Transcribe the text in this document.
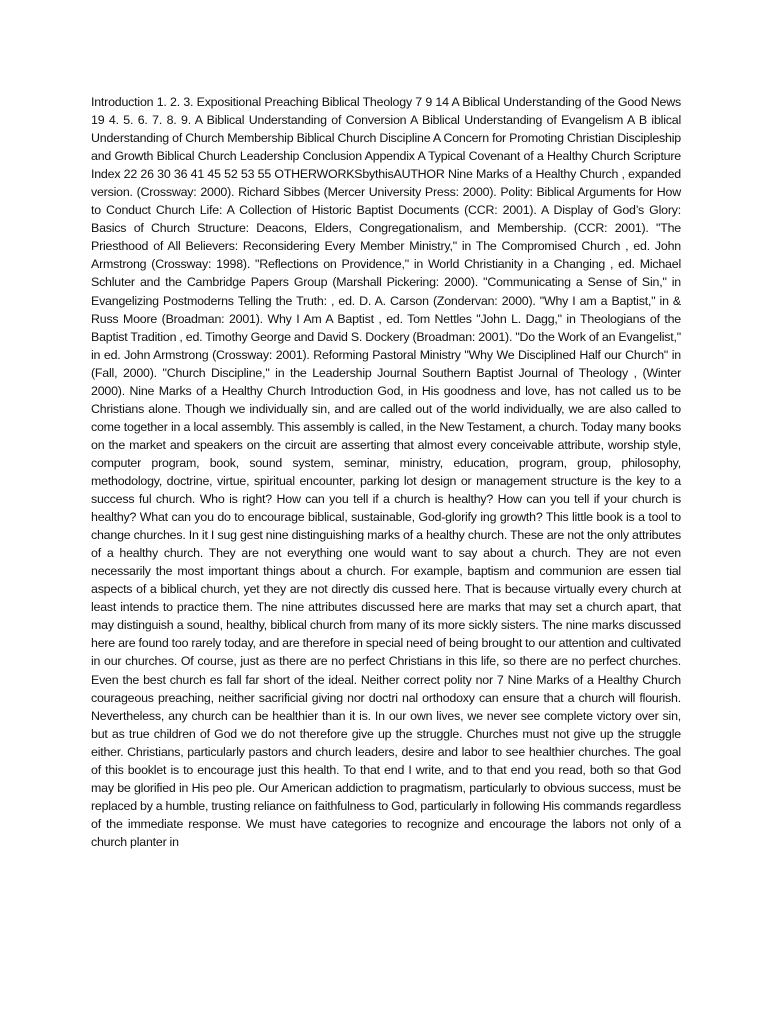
Introduction 1. 2. 3. Expositional Preaching Biblical Theology 7 9 14 A Biblical Understanding of the Good News 19 4. 5. 6. 7. 8. 9. A Biblical Understanding of Conversion A Biblical Understanding of Evangelism A B iblical Understanding of Church Membership Biblical Church Discipline A Concern for Promoting Christian Discipleship and Growth Biblical Church Leadership Conclusion Appendix A Typical Covenant of a Healthy Church Scripture Index 22 26 30 36 41 45 52 53 55 OTHERWORKSbythisAUTHOR Nine Marks of a Healthy Church , expanded version. (Crossway: 2000). Richard Sibbes (Mercer University Press: 2000). Polity: Biblical Arguments for How to Conduct Church Life: A Collection of Historic Baptist Documents (CCR: 2001). A Display of God’s Glory: Basics of Church Structure: Deacons, Elders, Congregationalism, and Membership. (CCR: 2001). "The Priesthood of All Believers: Reconsidering Every Member Ministry," in The Compromised Church , ed. John Armstrong (Crossway: 1998). "Reflections on Providence," in World Christianity in a Changing , ed. Michael Schluter and the Cambridge Papers Group (Marshall Pickering: 2000). "Communicating a Sense of Sin," in Evangelizing Postmoderns Telling the Truth: , ed. D. A. Carson (Zondervan: 2000). "Why I am a Baptist," in & Russ Moore (Broadman: 2001). Why I Am A Baptist , ed. Tom Nettles "John L. Dagg," in Theologians of the Baptist Tradition , ed. Timothy George and David S. Dockery (Broadman: 2001). "Do the Work of an Evangelist," in ed. John Armstrong (Crossway: 2001). Reforming Pastoral Ministry "Why We Disciplined Half our Church" in (Fall, 2000). "Church Discipline," in the Leadership Journal Southern Baptist Journal of Theology , (Winter 2000). Nine Marks of a Healthy Church Introduction God, in His goodness and love, has not called us to be Christians alone. Though we individually sin, and are called out of the world individually, we are also called to come together in a local assembly. This assembly is called, in the New Testament, a church. Today many books on the market and speakers on the circuit are asserting that almost every conceivable attribute, worship style, computer program, book, sound system, seminar, ministry, education, program, group, philosophy, methodology, doctrine, virtue, spiritual encounter, parking lot design or management structure is the key to a success ful church. Who is right? How can you tell if a church is healthy? How can you tell if your church is healthy? What can you do to encourage biblical, sustainable, God-glorify ing growth? This little book is a tool to change churches. In it I sug gest nine distinguishing marks of a healthy church. These are not the only attributes of a healthy church. They are not everything one would want to say about a church. They are not even necessarily the most important things about a church. For example, baptism and communion are essen tial aspects of a biblical church, yet they are not directly dis cussed here. That is because virtually every church at least intends to practice them. The nine attributes discussed here are marks that may set a church apart, that may distinguish a sound, healthy, biblical church from many of its more sickly sisters. The nine marks discussed here are found too rarely today, and are therefore in special need of being brought to our attention and cultivated in our churches. Of course, just as there are no perfect Christians in this life, so there are no perfect churches. Even the best church es fall far short of the ideal. Neither correct polity nor 7 Nine Marks of a Healthy Church courageous preaching, neither sacrificial giving nor doctri nal orthodoxy can ensure that a church will flourish. Nevertheless, any church can be healthier than it is. In our own lives, we never see complete victory over sin, but as true children of God we do not therefore give up the struggle. Churches must not give up the struggle either. Christians, particularly pastors and church leaders, desire and labor to see healthier churches. The goal of this booklet is to encourage just this health. To that end I write, and to that end you read, both so that God may be glorified in His peo ple. Our American addiction to pragmatism, particularly to obvious success, must be replaced by a humble, trusting reliance on faithfulness to God, particularly in following His commands regardless of the immediate response. We must have categories to recognize and encourage the labors not only of a church planter in
